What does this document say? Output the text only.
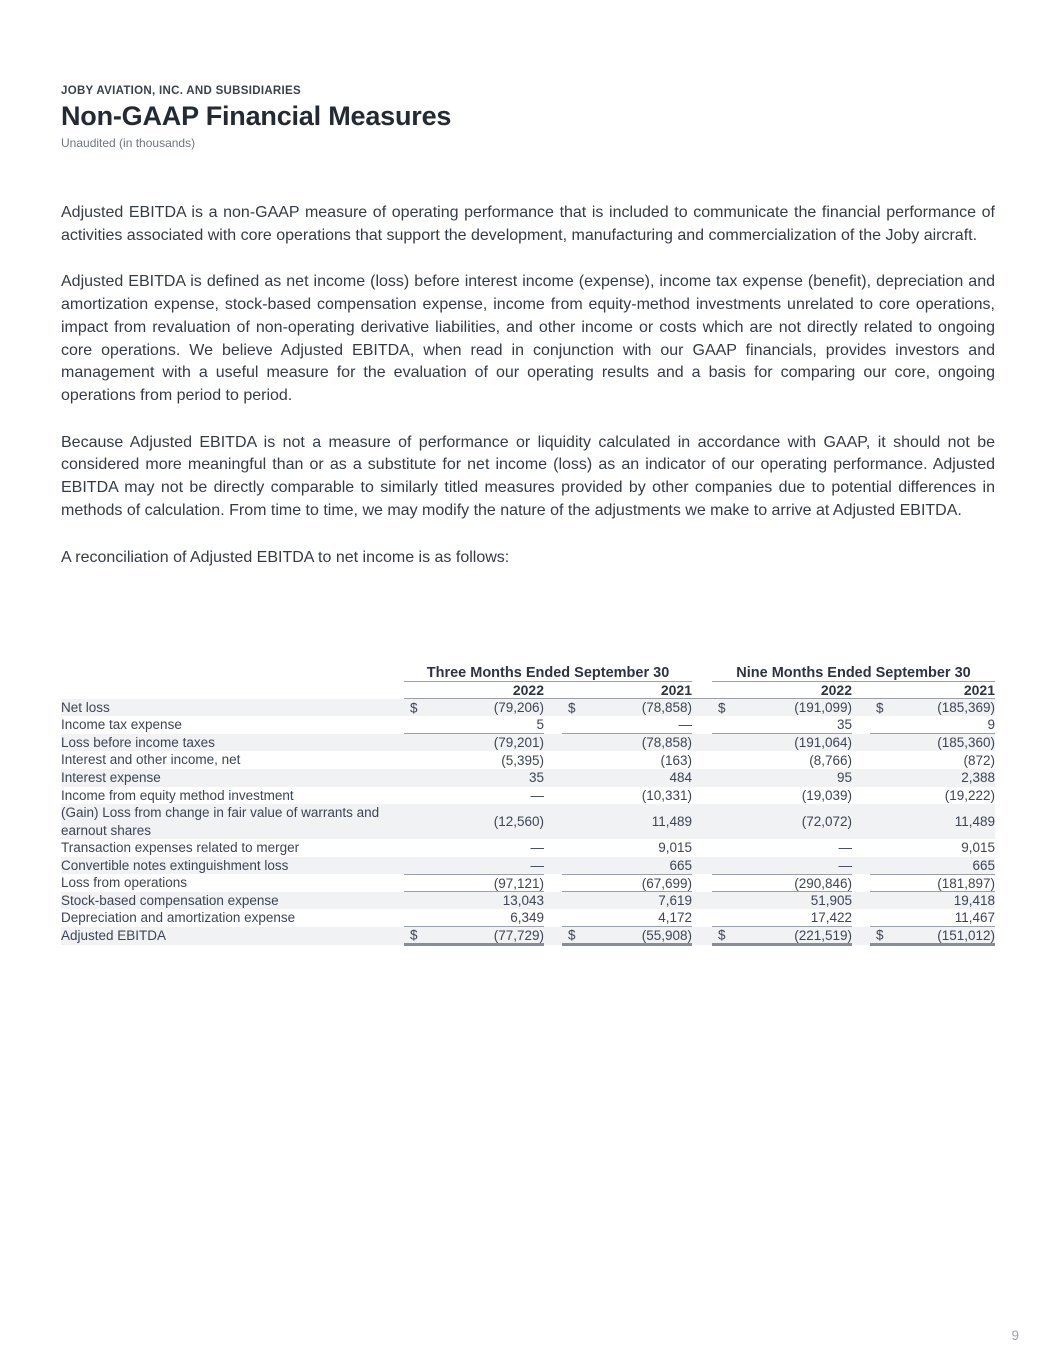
JOBY AVIATION, INC. AND SUBSIDIARIES
Non-GAAP Financial Measures
Unaudited (in thousands)

Adjusted EBITDA is a non-GAAP measure of operating performance that is included to communicate the financial performance of activities associated with core operations that support the development, manufacturing and commercialization of the Joby aircraft.

Adjusted EBITDA is defined as net income (loss) before interest income (expense), income tax expense (benefit), depreciation and amortization expense, stock-based compensation expense, income from equity-method investments unrelated to core operations, impact from revaluation of non-operating derivative liabilities, and other income or costs which are not directly related to ongoing core operations. We believe Adjusted EBITDA, when read in conjunction with our GAAP financials, provides investors and management with a useful measure for the evaluation of our operating results and a basis for comparing our core, ongoing operations from period to period.

Because Adjusted EBITDA is not a measure of performance or liquidity calculated in accordance with GAAP, it should not be considered more meaningful than or as a substitute for net income (loss) as an indicator of our operating performance. Adjusted EBITDA may not be directly comparable to similarly titled measures provided by other companies due to potential differences in methods of calculation. From time to time, we may modify the nature of the adjustments we make to arrive at Adjusted EBITDA.

A reconciliation of Adjusted EBITDA to net income is as follows:

	Three Months Ended September 30				Nine Months Ended September 30		
	2022		2021		2022		2021
Net loss	$ (79,206)		$ (78,858)		$ (191,099)		$ (185,369)
Income tax expense	5		—		35		9
Loss before income taxes	(79,201)		(78,858)		(191,064)		(185,360)
Interest and other income, net	(5,395)		(163)		(8,766)		(872)
Interest expense	35		484		95		2,388
Income from equity method investment	—		(10,331)		(19,039)		(19,222)
(Gain) Loss from change in fair value of warrants and earnout shares	(12,560)		11,489		(72,072)		11,489
Transaction expenses related to merger	—		9,015		—		9,015
Convertible notes extinguishment loss	—		665		—		665
Loss from operations	(97,121)		(67,699)		(290,846)		(181,897)
Stock-based compensation expense	13,043		7,619		51,905		19,418
Depreciation and amortization expense	6,349		4,172		17,422		11,467
Adjusted EBITDA	$ (77,729)		$ (55,908)		$ (221,519)		$ (151,012)
9
